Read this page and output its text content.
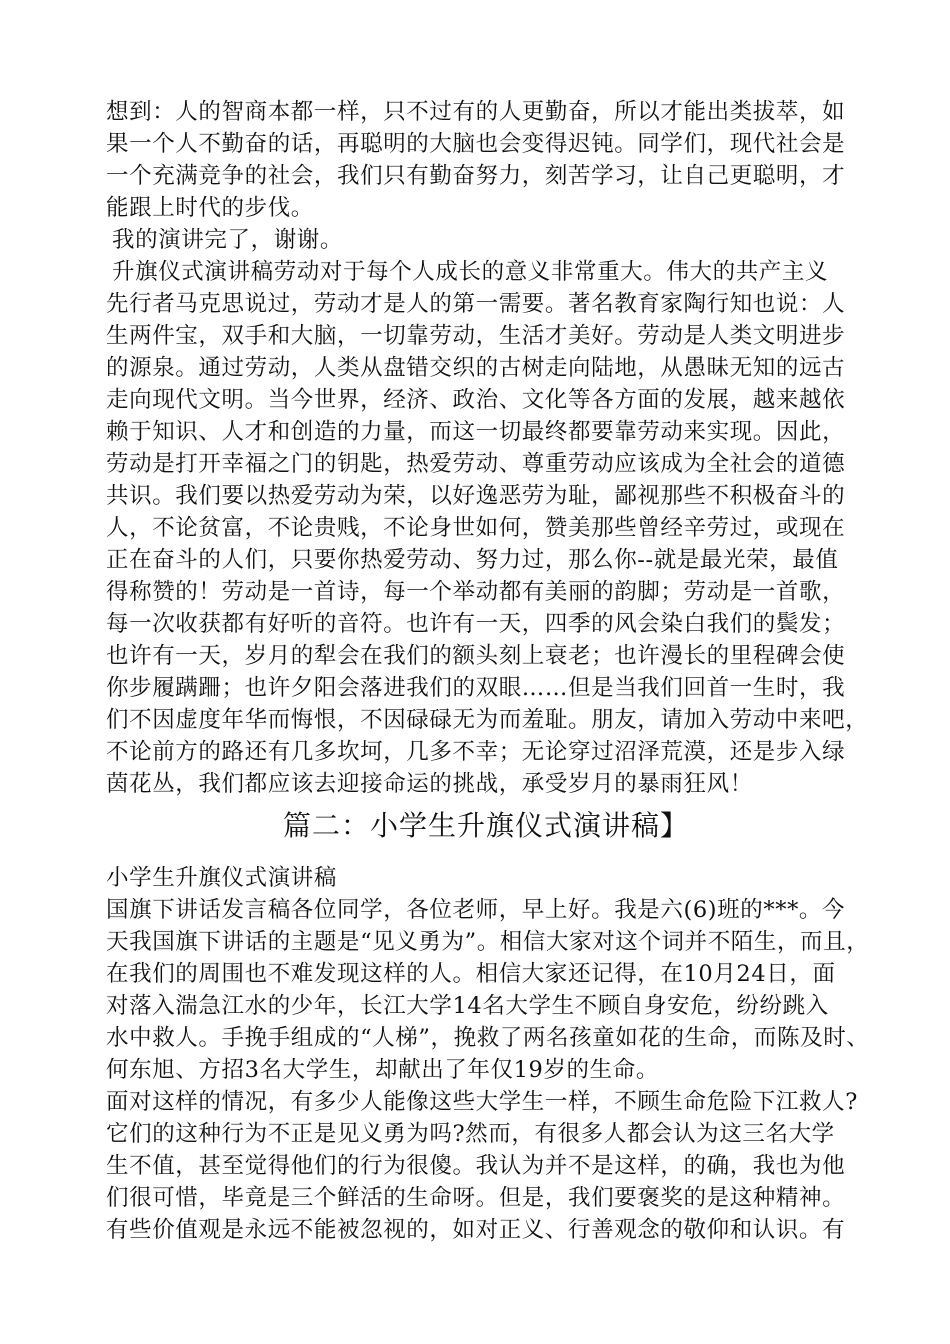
想到：人的智商本都一样，只不过有的人更勤奋，所以才能出类拔萃，如
果一个人不勤奋的话，再聪明的大脑也会变得迟钝。同学们，现代社会是
一个充满竞争的社会，我们只有勤奋努力，刻苦学习，让自己更聪明，才
能跟上时代的步伐。
我的演讲完了，谢谢。
升旗仪式演讲稿劳动对于每个人成长的意义非常重大。伟大的共产主义
先行者马克思说过，劳动才是人的第一需要。著名教育家陶行知也说：人
生两件宝，双手和大脑，一切靠劳动，生活才美好。劳动是人类文明进步
的源泉。通过劳动，人类从盘错交织的古树走向陆地，从愚昧无知的远古
走向现代文明。当今世界，经济、政治、文化等各方面的发展，越来越依
赖于知识、人才和创造的力量，而这一切最终都要靠劳动来实现。因此，
劳动是打开幸福之门的钥匙，热爱劳动、尊重劳动应该成为全社会的道德
共识。我们要以热爱劳动为荣，以好逸恶劳为耻，鄙视那些不积极奋斗的
人，不论贫富，不论贵贱，不论身世如何，赞美那些曾经辛劳过，或现在
正在奋斗的人们，只要你热爱劳动、努力过，那么你--就是最光荣，最值
得称赞的！劳动是一首诗，每一个举动都有美丽的韵脚；劳动是一首歌，
每一次收获都有好听的音符。也许有一天，四季的风会染白我们的鬓发；
也许有一天，岁月的犁会在我们的额头刻上衰老；也许漫长的里程碑会使
你步履蹒跚；也许夕阳会落进我们的双眼……但是当我们回首一生时，我
们不因虚度年华而悔恨，不因碌碌无为而羞耻。朋友，请加入劳动中来吧，
不论前方的路还有几多坎坷，几多不幸；无论穿过沼泽荒漠，还是步入绿
茵花丛，我们都应该去迎接命运的挑战，承受岁月的暴雨狂风！
篇二：小学生升旗仪式演讲稿】
小学生升旗仪式演讲稿
国旗下讲话发言稿各位同学，各位老师，早上好。我是六(6)班的***。今
天我国旗下讲话的主题是“见义勇为”。相信大家对这个词并不陌生，而且，
在我们的周围也不难发现这样的人。相信大家还记得，在10月24日，面
对落入湍急江水的少年，长江大学14名大学生不顾自身安危，纷纷跳入
水中救人。手挽手组成的“人梯”，挽救了两名孩童如花的生命，而陈及时、
何东旭、方招3名大学生，却献出了年仅19岁的生命。
面对这样的情况，有多少人能像这些大学生一样，不顾生命危险下江救人?
它们的这种行为不正是见义勇为吗?然而，有很多人都会认为这三名大学
生不值，甚至觉得他们的行为很傻。我认为并不是这样，的确，我也为他
们很可惜，毕竟是三个鲜活的生命呀。但是，我们要褒奖的是这种精神。
有些价值观是永远不能被忽视的，如对正义、行善观念的敬仰和认识。有
